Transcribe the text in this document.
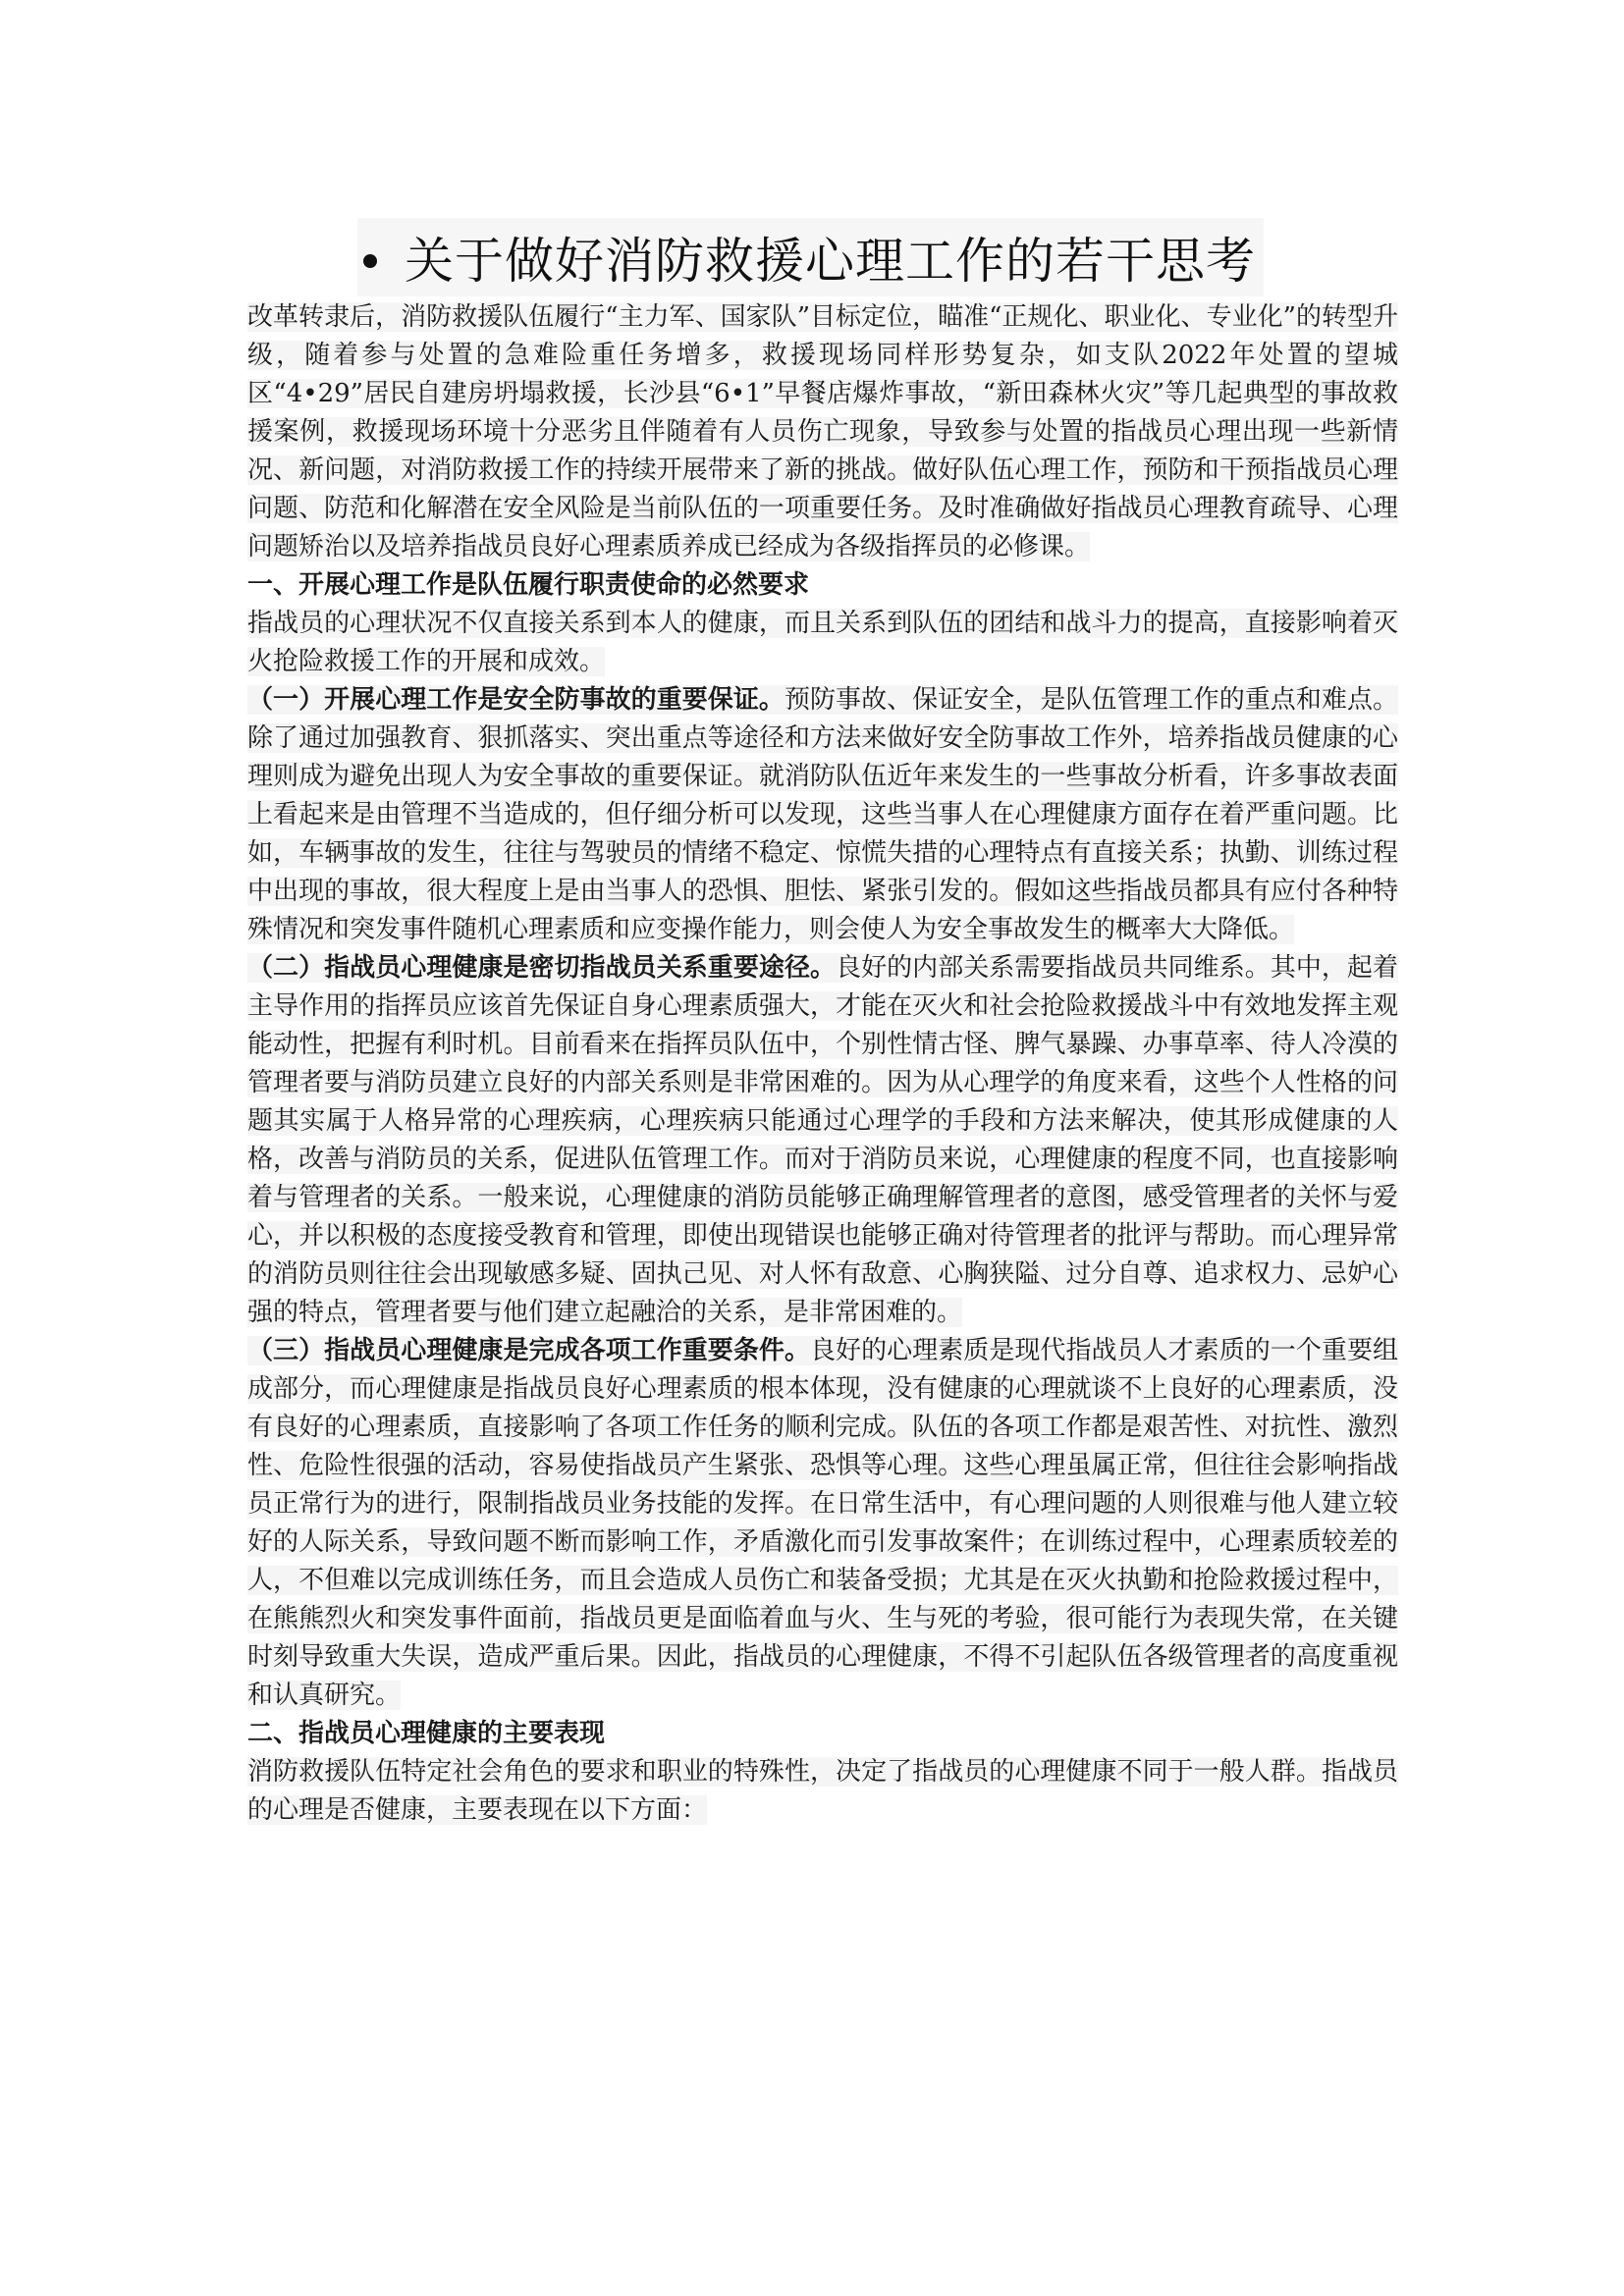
关于做好消防救援心理工作的若干思考

改革转隶后，消防救援队伍履行“主力军、国家队”目标定位，瞄准“正规化、职业化、专业化”的转型升级，随着参与处置的急难险重任务增多，救援现场同样形势复杂，如支队2022年处置的望城区“4•29”居民自建房坍塌救援，长沙县“6•1”早餐店爆炸事故，“新田森林火灾”等几起典型的事故救援案例，救援现场环境十分恶劣且伴随着有人员伤亡现象，导致参与处置的指战员心理出现一些新情况、新问题，对消防救援工作的持续开展带来了新的挑战。做好队伍心理工作，预防和干预指战员心理问题、防范和化解潜在安全风险是当前队伍的一项重要任务。及时准确做好指战员心理教育疏导、心理问题矫治以及培养指战员良好心理素质养成已经成为各级指挥员的必修课。

一、开展心理工作是队伍履行职责使命的必然要求

指战员的心理状况不仅直接关系到本人的健康，而且关系到队伍的团结和战斗力的提高，直接影响着灭火抢险救援工作的开展和成效。

（一）开展心理工作是安全防事故的重要保证。预防事故、保证安全，是队伍管理工作的重点和难点。除了通过加强教育、狠抓落实、突出重点等途径和方法来做好安全防事故工作外，培养指战员健康的心理则成为避免出现人为安全事故的重要保证。就消防队伍近年来发生的一些事故分析看，许多事故表面上看起来是由管理不当造成的，但仔细分析可以发现，这些当事人在心理健康方面存在着严重问题。比如，车辆事故的发生，往往与驾驶员的情绪不稳定、惊慌失措的心理特点有直接关系；执勤、训练过程中出现的事故，很大程度上是由当事人的恐惧、胆怯、紧张引发的。假如这些指战员都具有应付各种特殊情况和突发事件随机心理素质和应变操作能力，则会使人为安全事故发生的概率大大降低。

（二）指战员心理健康是密切指战员关系重要途径。良好的内部关系需要指战员共同维系。其中，起着主导作用的指挥员应该首先保证自身心理素质强大，才能在灭火和社会抢险救援战斗中有效地发挥主观能动性，把握有利时机。目前看来在指挥员队伍中，个别性情古怪、脾气暴躁、办事草率、待人冷漠的管理者要与消防员建立良好的内部关系则是非常困难的。因为从心理学的角度来看，这些个人性格的问题其实属于人格异常的心理疾病，心理疾病只能通过心理学的手段和方法来解决，使其形成健康的人格，改善与消防员的关系，促进队伍管理工作。而对于消防员来说，心理健康的程度不同，也直接影响着与管理者的关系。一般来说，心理健康的消防员能够正确理解管理者的意图，感受管理者的关怀与爱心，并以积极的态度接受教育和管理，即使出现错误也能够正确对待管理者的批评与帮助。而心理异常的消防员则往往会出现敏感多疑、固执己见、对人怀有敌意、心胸狭隘、过分自尊、追求权力、忌妒心强的特点，管理者要与他们建立起融洽的关系，是非常困难的。

（三）指战员心理健康是完成各项工作重要条件。良好的心理素质是现代指战员人才素质的一个重要组成部分，而心理健康是指战员良好心理素质的根本体现，没有健康的心理就谈不上良好的心理素质，没有良好的心理素质，直接影响了各项工作任务的顺利完成。队伍的各项工作都是艰苦性、对抗性、激烈性、危险性很强的活动，容易使指战员产生紧张、恐惧等心理。这些心理虽属正常，但往往会影响指战员正常行为的进行，限制指战员业务技能的发挥。在日常生活中，有心理问题的人则很难与他人建立较好的人际关系，导致问题不断而影响工作，矛盾激化而引发事故案件；在训练过程中，心理素质较差的人，不但难以完成训练任务，而且会造成人员伤亡和装备受损；尤其是在灭火执勤和抢险救援过程中，在熊熊烈火和突发事件面前，指战员更是面临着血与火、生与死的考验，很可能行为表现失常，在关键时刻导致重大失误，造成严重后果。因此，指战员的心理健康，不得不引起队伍各级管理者的高度重视和认真研究。

二、指战员心理健康的主要表现

消防救援队伍特定社会角色的要求和职业的特殊性，决定了指战员的心理健康不同于一般人群。指战员的心理是否健康，主要表现在以下方面：
